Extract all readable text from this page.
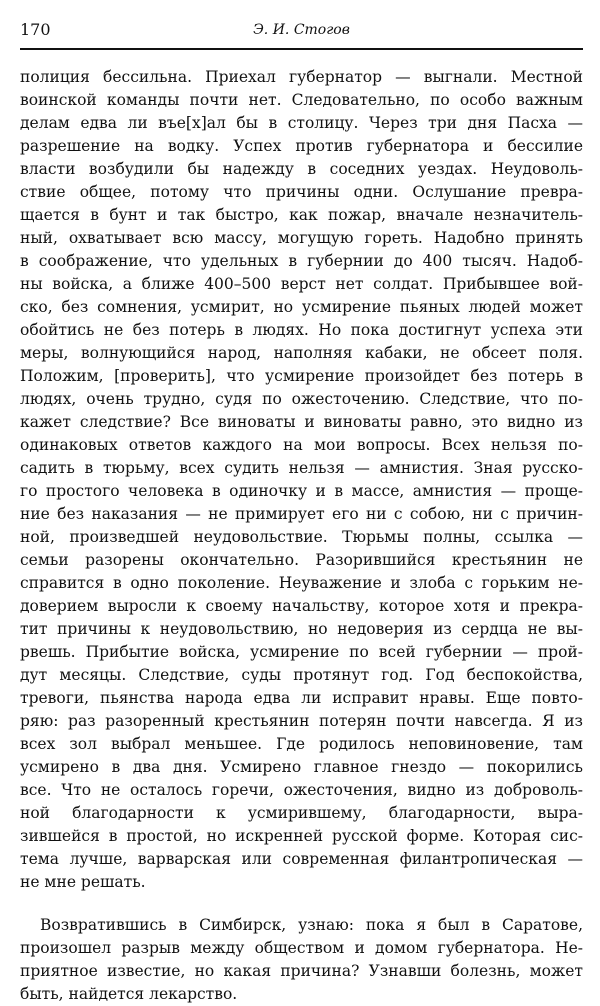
170	Э. И. Стогов
полиция бессильна. Приехал губернатор — выгнали. Местной
воинской команды почти нет. Следовательно, по особо важным
делам едва ли въе[х]ал бы в столицу. Через три дня Пасха —
разрешение на водку. Успех против губернатора и бессилие
власти возбудили бы надежду в соседних уездах. Неудоволь-
ствие общее, потому что причины одни. Ослушание превра-
щается в бунт и так быстро, как пожар, вначале незначитель-
ный, охватывает всю массу, могущую гореть. Надобно принять
в соображение, что удельных в губернии до 400 тысяч. Надоб-
ны войска, а ближе 400–500 верст нет солдат. Прибывшее вой-
ско, без сомнения, усмирит, но усмирение пьяных людей может
обойтись не без потерь в людях. Но пока достигнут успеха эти
меры, волнующийся народ, наполняя кабаки, не обсеет поля.
Положим, [проверить], что усмирение произойдет без потерь в
людях, очень трудно, судя по ожесточению. Следствие, что по-
кажет следствие? Все виноваты и виноваты равно, это видно из
одинаковых ответов каждого на мои вопросы. Всех нельзя по-
садить в тюрьму, всех судить нельзя — амнистия. Зная русско-
го простого человека в одиночку и в массе, амнистия — проще-
ние без наказания — не примирует его ни с собою, ни с причин-
ной, произведшей неудовольствие. Тюрьмы полны, ссылка —
семьи разорены окончательно. Разорившийся крестьянин не
справится в одно поколение. Неуважение и злоба с горьким не-
доверием выросли к своему начальству, которое хотя и прекра-
тит причины к неудовольствию, но недоверия из сердца не вы-
рвешь. Прибытие войска, усмирение по всей губернии — прой-
дут месяцы. Следствие, суды протянут год. Год беспокойства,
тревоги, пьянства народа едва ли исправит нравы. Еще повто-
ряю: раз разоренный крестьянин потерян почти навсегда. Я из
всех зол выбрал меньшее. Где родилось неповиновение, там
усмирено в два дня. Усмирено главное гнездо — покорились
все. Что не осталось горечи, ожесточения, видно из доброволь-
ной благодарности к усмирившему, благодарности, выра-
зившейся в простой, но искренней русской форме. Которая сис-
тема лучше, варварская или современная филантропическая —
не мне решать.
Возвратившись в Симбирск, узнаю: пока я был в Саратове,
произошел разрыв между обществом и домом губернатора. Не-
приятное известие, но какая причина? Узнавши болезнь, может
быть, найдется лекарство.
